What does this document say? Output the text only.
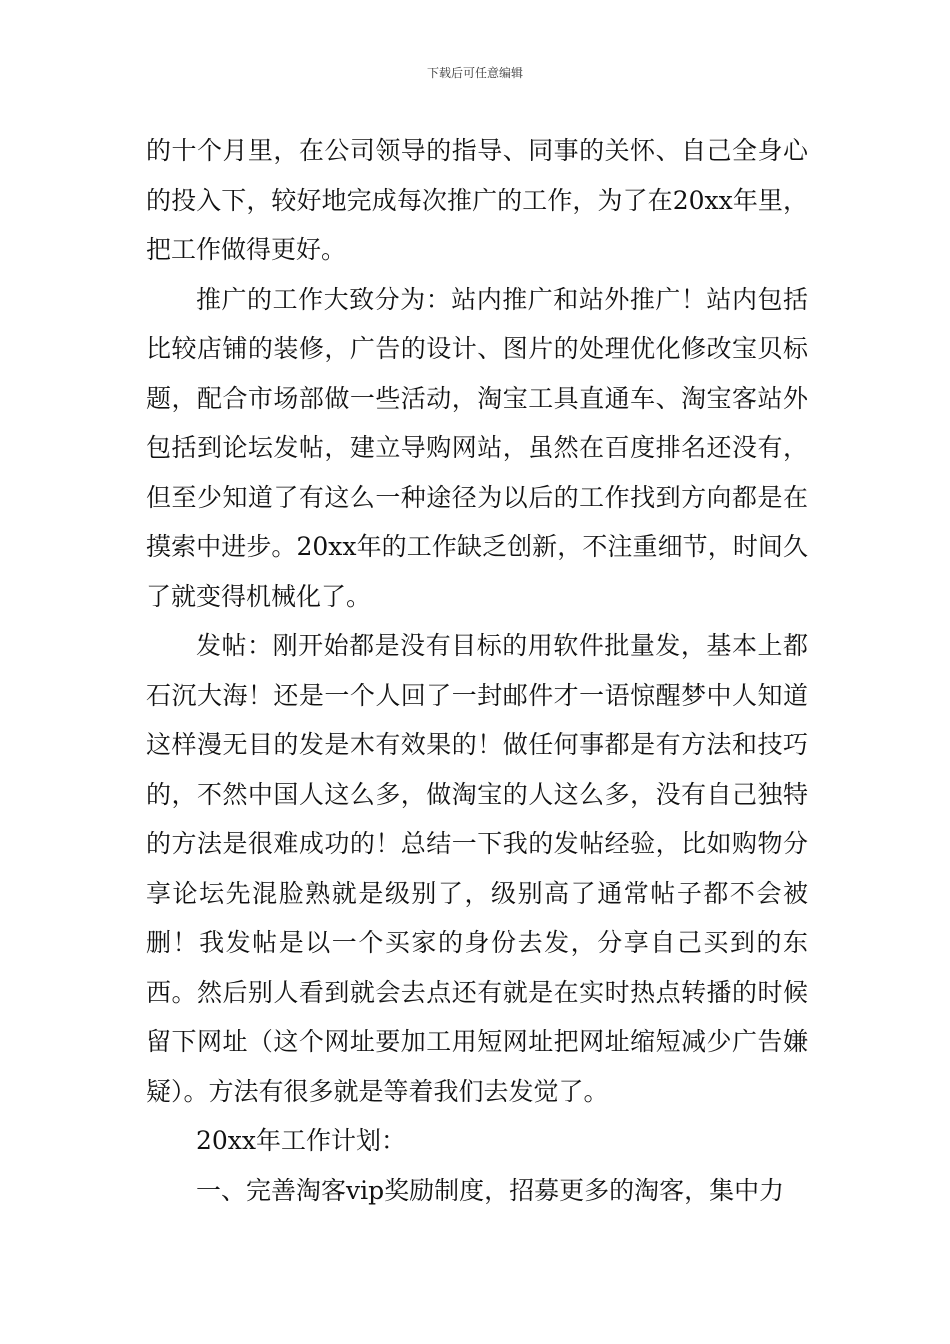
下载后可任意编辑

的十个月里，在公司领导的指导、同事的关怀、自己全身心的投入下，较好地完成每次推广的工作，为了在20xx年里，把工作做得更好。

推广的工作大致分为：站内推广和站外推广！站内包括比较店铺的装修，广告的设计、图片的处理优化修改宝贝标题，配合市场部做一些活动，淘宝工具直通车、淘宝客站外包括到论坛发帖，建立导购网站，虽然在百度排名还没有，但至少知道了有这么一种途径为以后的工作找到方向都是在摸索中进步。20xx年的工作缺乏创新，不注重细节，时间久了就变得机械化了。

发帖：刚开始都是没有目标的用软件批量发，基本上都石沉大海！还是一个人回了一封邮件才一语惊醒梦中人知道这样漫无目的发是木有效果的！做任何事都是有方法和技巧的，不然中国人这么多，做淘宝的人这么多，没有自己独特的方法是很难成功的！总结一下我的发帖经验，比如购物分享论坛先混脸熟就是级别了，级别高了通常帖子都不会被删！我发帖是以一个买家的身份去发，分享自己买到的东西。然后别人看到就会去点还有就是在实时热点转播的时候留下网址（这个网址要加工用短网址把网址缩短减少广告嫌疑）。方法有很多就是等着我们去发觉了。

20xx年工作计划：

一、完善淘客vip奖励制度，招募更多的淘客，集中力
